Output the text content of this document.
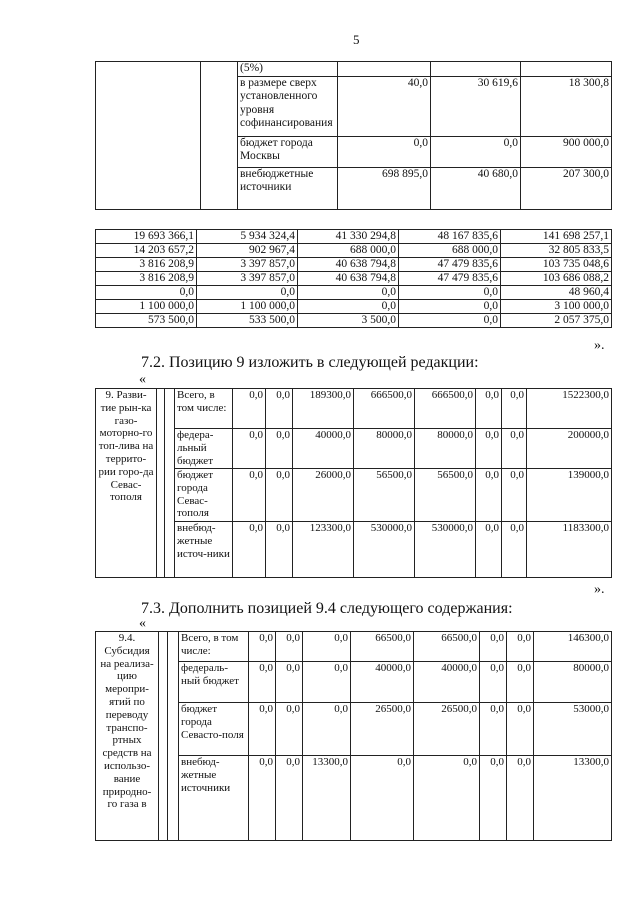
5
		(5%)			
		в размере сверх установленного уровня софинансирования	40,0	30 619,6	18 300,8
		бюджет города Москвы	0,0	0,0	900 000,0
		внебюджетные источники	698 895,0	40 680,0	207 300,0
19 693 366,1	5 934 324,4	41 330 294,8	48 167 835,6	141 698 257,1
14 203 657,2	902 967,4	688 000,0	688 000,0	32 805 833,5
3 816 208,9	3 397 857,0	40 638 794,8	47 479 835,6	103 735 048,6
3 816 208,9	3 397 857,0	40 638 794,8	47 479 835,6	103 686 088,2
0,0	0,0	0,0	0,0	48 960,4
1 100 000,0	1 100 000,0	0,0	0,0	3 100 000,0
573 500,0	533 500,0	3 500,0	0,0	2 057 375,0
».
7.2. Позицию 9 изложить в следующей редакции:
«
9. Разви-тие рын-ка газо-моторно-го топ-лива на террито-рии горо-да Севас-тополя			Всего, в том числе:	0,0	0,0	189300,0	666500,0	666500,0	0,0	0,0	1522300,0
			федера-льный бюджет	0,0	0,0	40000,0	80000,0	80000,0	0,0	0,0	200000,0
			бюджет города Севас-тополя	0,0	0,0	26000,0	56500,0	56500,0	0,0	0,0	139000,0
			внебюд-жетные источ-ники	0,0	0,0	123300,0	530000,0	530000,0	0,0	0,0	1183300,0
».
7.3. Дополнить позицией 9.4 следующего содержания:
«
9.4. Субсидия на реализа-цию меропри-ятий по переводу транспо-ртных средств на использо-вание природно-го газа в			Всего, в том числе:	0,0	0,0	0,0	66500,0	66500,0	0,0	0,0	146300,0
			федераль-ный бюджет	0,0	0,0	0,0	40000,0	40000,0	0,0	0,0	80000,0
			бюджет города Севасто-поля	0,0	0,0	0,0	26500,0	26500,0	0,0	0,0	53000,0
			внебюд-жетные источники	0,0	0,0	13300,0	0,0	0,0	0,0	0,0	13300,0
